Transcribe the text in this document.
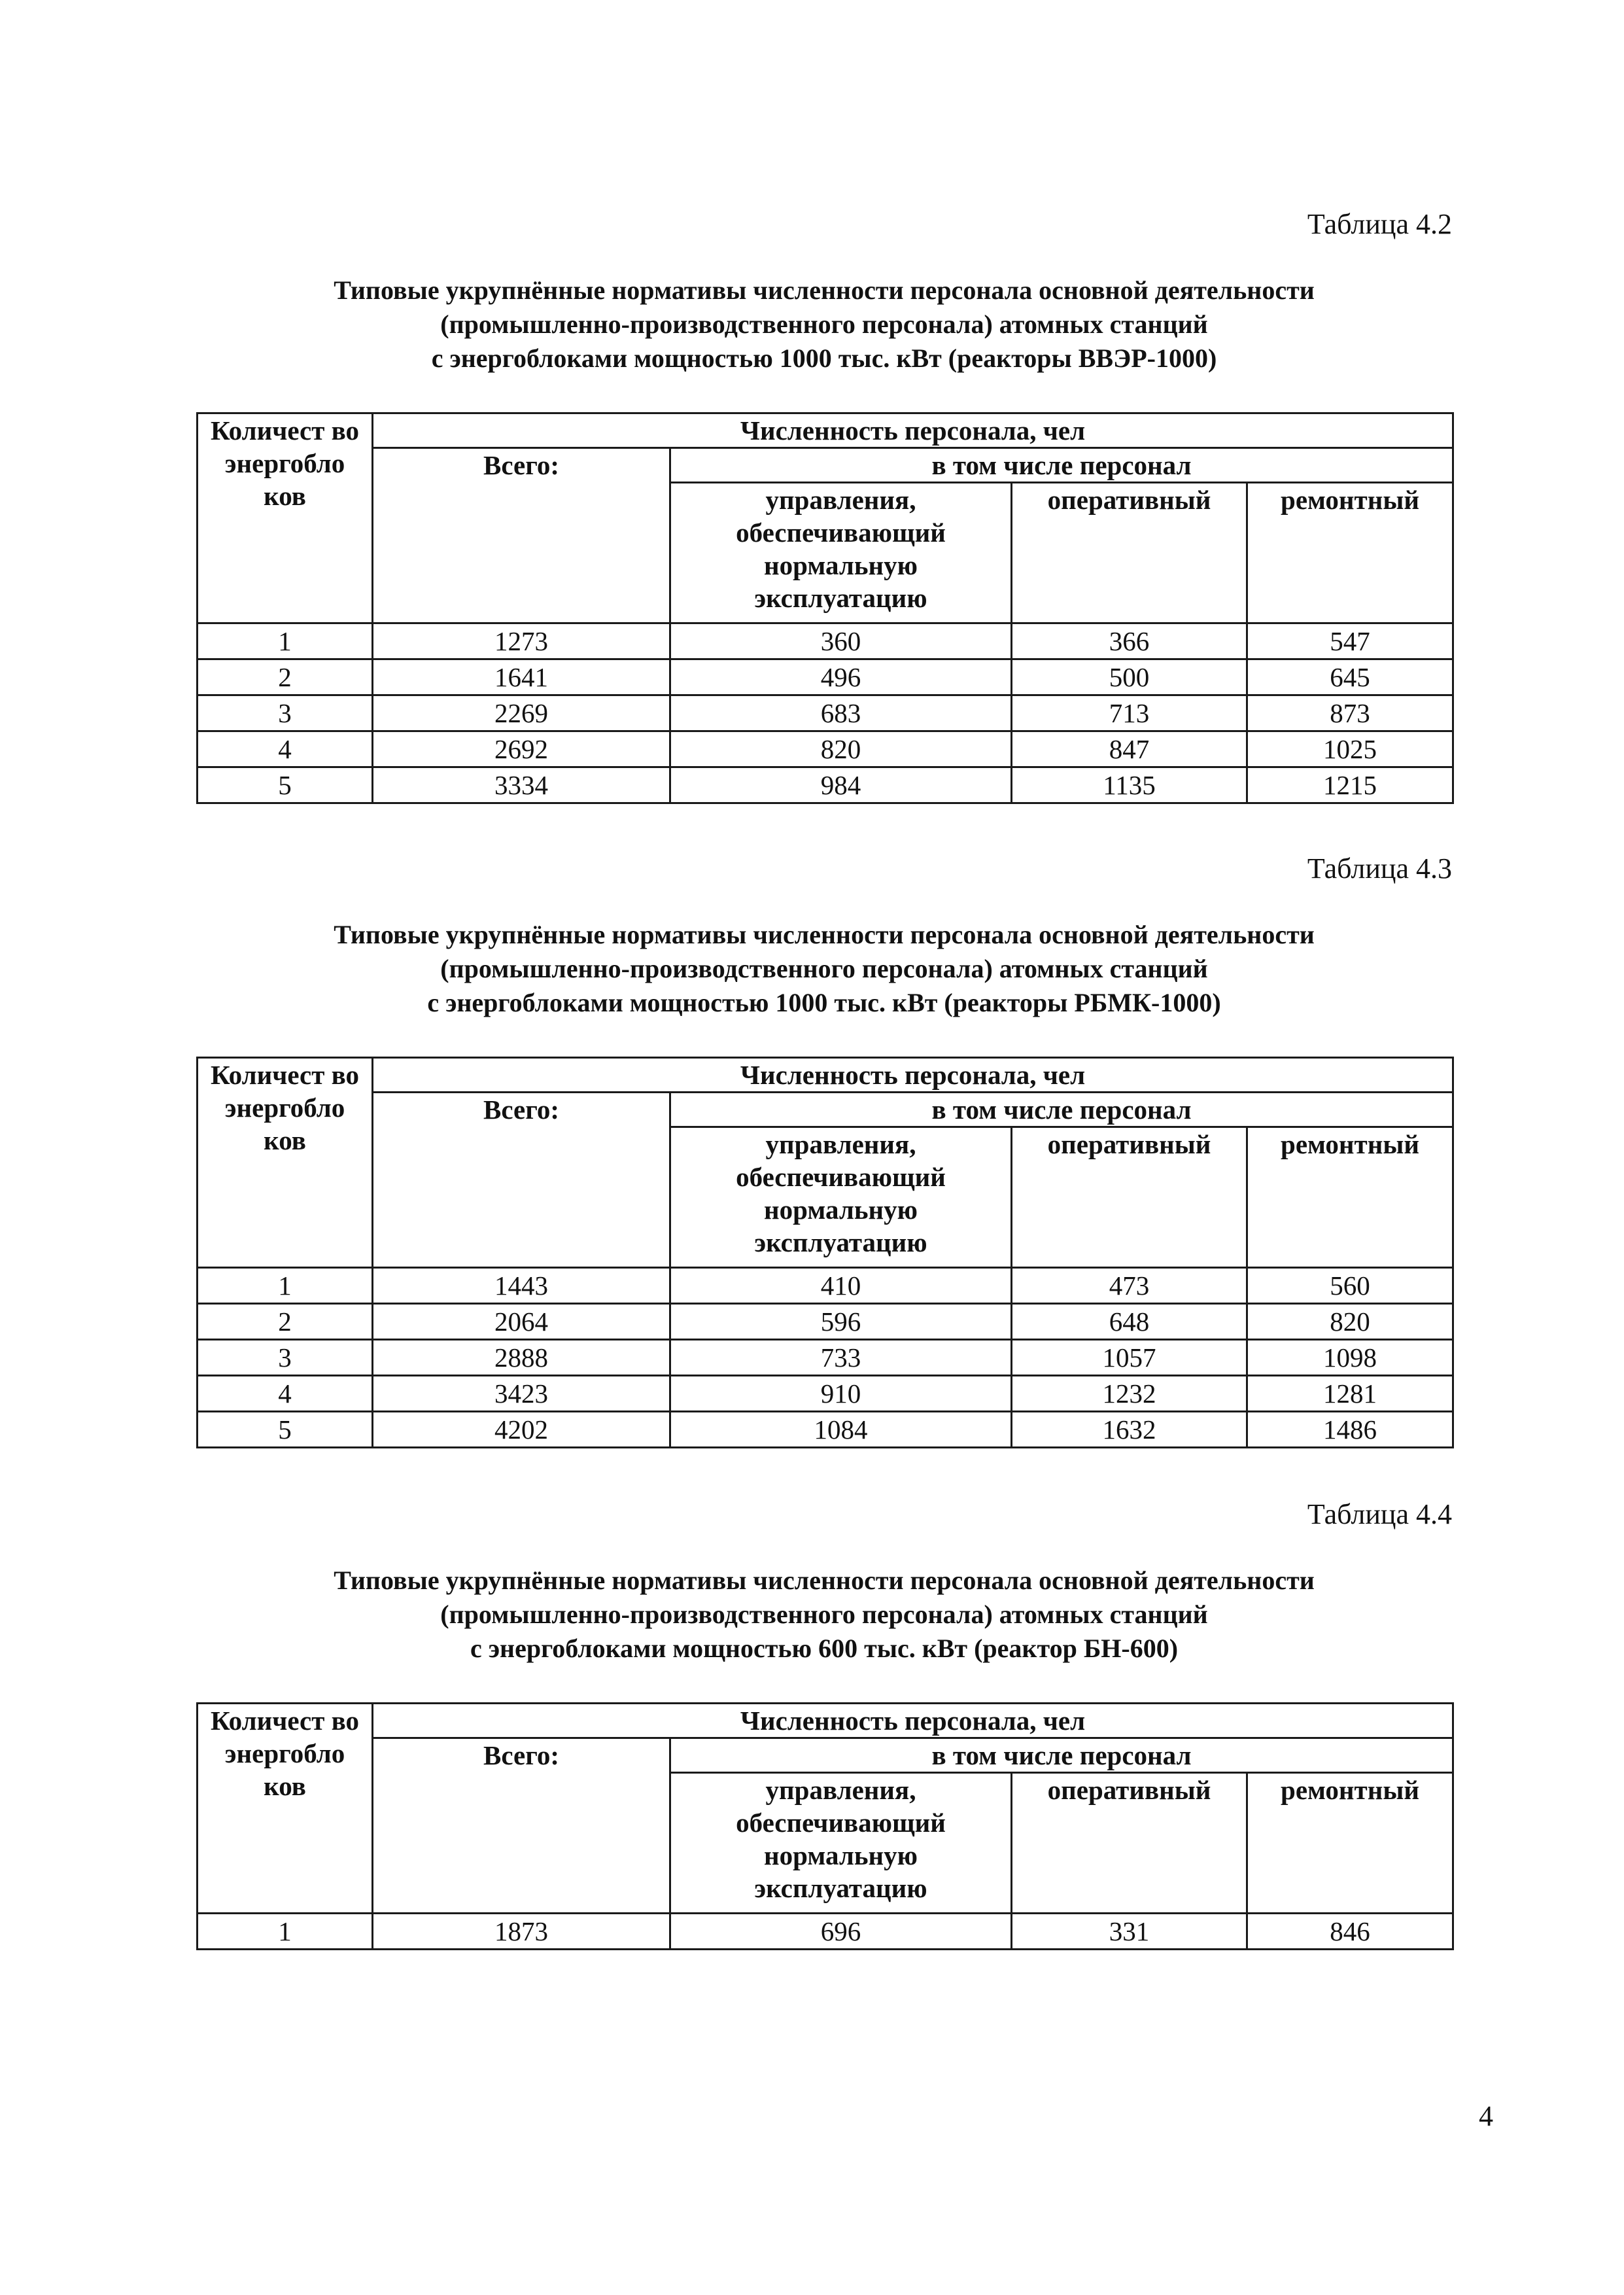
Таблица 4.2
Типовые укрупнённые нормативы численности персонала основной деятельности
(промышленно-производственного персонала) атомных станций
с энергоблоками мощностью 1000 тыс. кВт (реакторы ВВЭР-1000)
Количест во энергобло ков	Численность персонала, чел			
	Всего:	в том числе персонал		
		управления, обеспечивающий нормальную эксплуатацию	оперативный	ремонтный
1	1273	360	366	547
2	1641	496	500	645
3	2269	683	713	873
4	2692	820	847	1025
5	3334	984	1135	1215
Таблица 4.3
Типовые укрупнённые нормативы численности персонала основной деятельности
(промышленно-производственного персонала) атомных станций
с энергоблоками мощностью 1000 тыс. кВт (реакторы РБМК-1000)
Количест во энергобло ков	Численность персонала, чел			
	Всего:	в том числе персонал		
		управления, обеспечивающий нормальную эксплуатацию	оперативный	ремонтный
1	1443	410	473	560
2	2064	596	648	820
3	2888	733	1057	1098
4	3423	910	1232	1281
5	4202	1084	1632	1486
Таблица 4.4
Типовые укрупнённые нормативы численности персонала основной деятельности
(промышленно-производственного персонала) атомных станций
с энергоблоками мощностью 600 тыс. кВт (реактор БН-600)
Количест во энергобло ков	Численность персонала, чел			
	Всего:	в том числе персонал		
		управления, обеспечивающий нормальную эксплуатацию	оперативный	ремонтный
1	1873	696	331	846
4
